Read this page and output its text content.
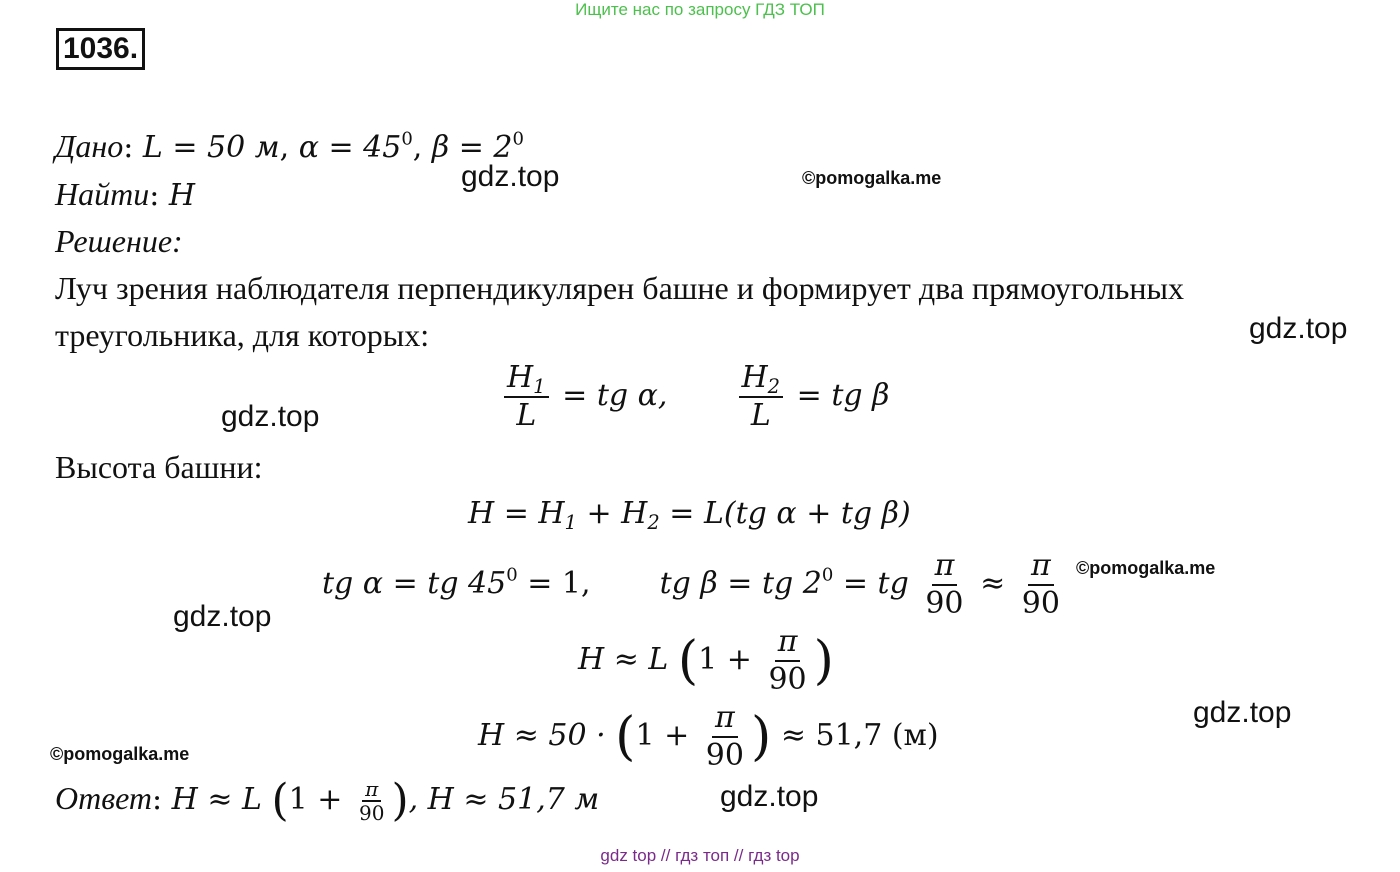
Ищите нас по запросу ГДЗ ТОП
1036.
gdz.top	©pomogalka.me
gdz.top
gdz.top
©pomogalka.me
gdz.top
gdz.top
©pomogalka.me
gdz.top
Дано: L = 50 м, $\alpha = 45^0$, $\beta = 2^0$
Найти: H
Решение:
Луч зрения наблюдателя перпендикулярен башне и формирует два прямоугольных
треугольника, для которых:
$\frac{H_1}{L}$ = tg α, $\frac{H_2}{L}$ = tg β
Высота башни:
$H = H_1 + H_2 = L(tg$ α + tg β)
tg α = tg $45^0 = 1$, tg β = tg $2^0$ = tg $\frac{\pi}{90} \approx \frac{\pi}{90}$
H ≈ L ($1 + \frac{\pi}{90}$ )
$H \approx 50 \cdot (1 + \frac{\pi}{90}$ ) ≈ 51,7 (м)
Ответ: H ≈ L ($1 + \frac{\pi}{90}$ ), H ≈ 51,7 м
gdz top // гдз топ // гдз top
